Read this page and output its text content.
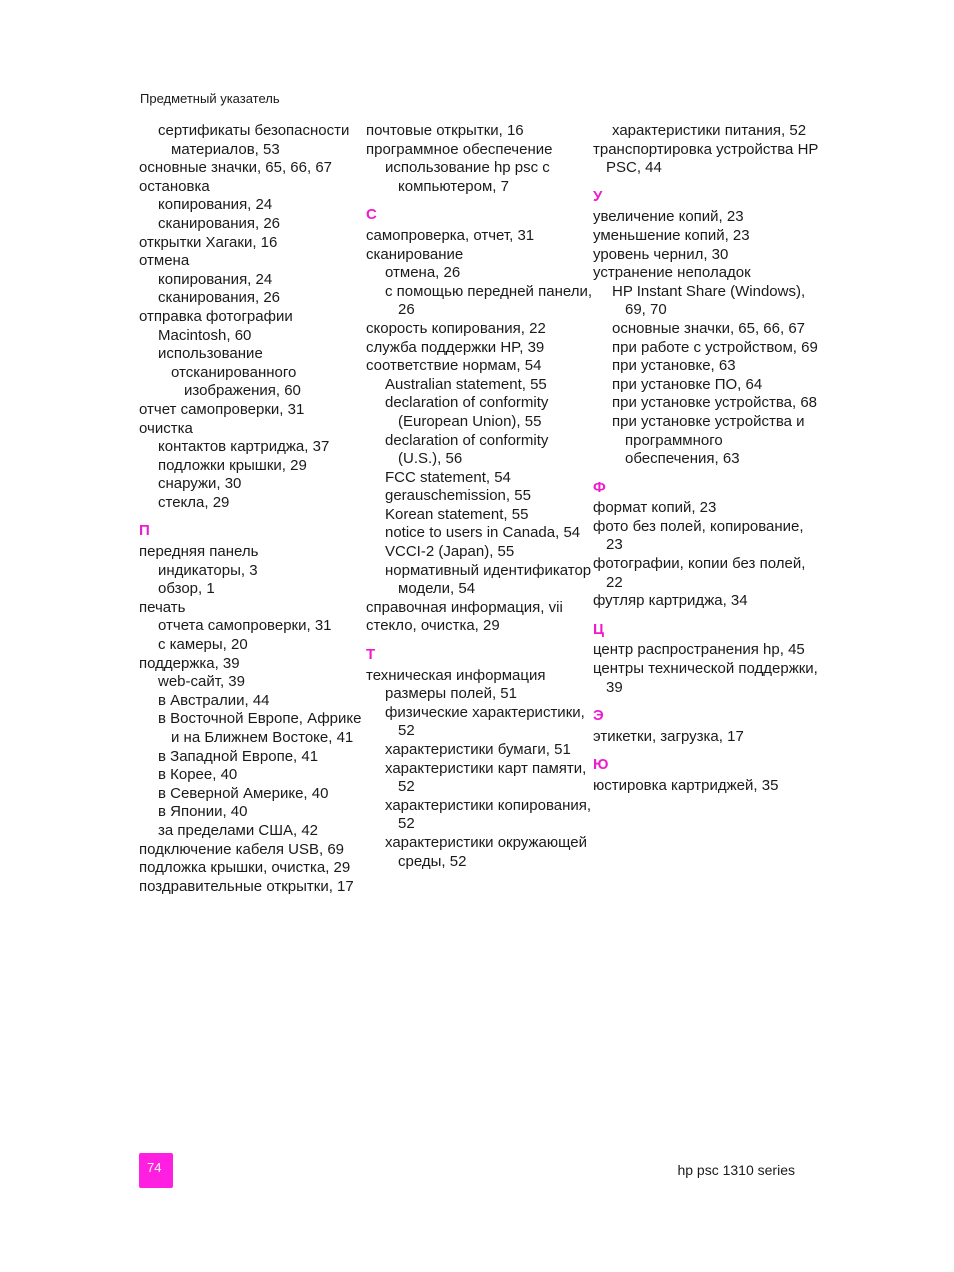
Предметный указатель
сертификаты безопасности материалов, 53
основные значки, 65, 66, 67
остановка
копирования, 24
сканирования, 26
открытки Хагаки, 16
отмена
копирования, 24
сканирования, 26
отправка фотографии
Macintosh, 60
использование
отсканированного изображения, 60
отчет самопроверки, 31
очистка
контактов картриджа, 37
подложки крышки, 29
снаружи, 30
стекла, 29
П
передняя панель
индикаторы, 3
обзор, 1
печать
отчета самопроверки, 31
с камеры, 20
поддержка, 39
web-сайт, 39
в Австралии, 44
в Восточной Европе, Африке и на Ближнем Востоке, 41
в Западной Европе, 41
в Корее, 40
в Северной Америке, 40
в Японии, 40
за пределами США, 42
подключение кабеля USB, 69
подложка крышки, очистка, 29
поздравительные открытки, 17
почтовые открытки, 16
программное обеспечение
использование hp psc с компьютером, 7
С
самопроверка, отчет, 31
сканирование
отмена, 26
с помощью передней панели, 26
скорость копирования, 22
служба поддержки HP, 39
соответствие нормам, 54
Australian statement, 55
declaration of conformity (European Union), 55
declaration of conformity (U.S.), 56
FCC statement, 54
gerauschemission, 55
Korean statement, 55
notice to users in Canada, 54
VCCI-2 (Japan), 55
нормативный идентификатор модели, 54
справочная информация, vii
стекло, очистка, 29
Т
техническая информация
размеры полей, 51
физические характеристики, 52
характеристики бумаги, 51
характеристики карт памяти, 52
характеристики копирования, 52
характеристики окружающей среды, 52
характеристики питания, 52
транспортировка устройства HP PSC, 44
У
увеличение копий, 23
уменьшение копий, 23
уровень чернил, 30
устранение неполадок
HP Instant Share (Windows), 69, 70
основные значки, 65, 66, 67
при работе с устройством, 69
при установке, 63
при установке ПО, 64
при установке устройства, 68
при установке устройства и программного обеспечения, 63
Ф
формат копий, 23
фото без полей, копирование, 23
фотографии, копии без полей, 22
футляр картриджа, 34
Ц
центр распространения hp, 45
центры технической поддержки, 39
Э
этикетки, загрузка, 17
Ю
юстировка картриджей, 35
74	hp psc 1310 series
